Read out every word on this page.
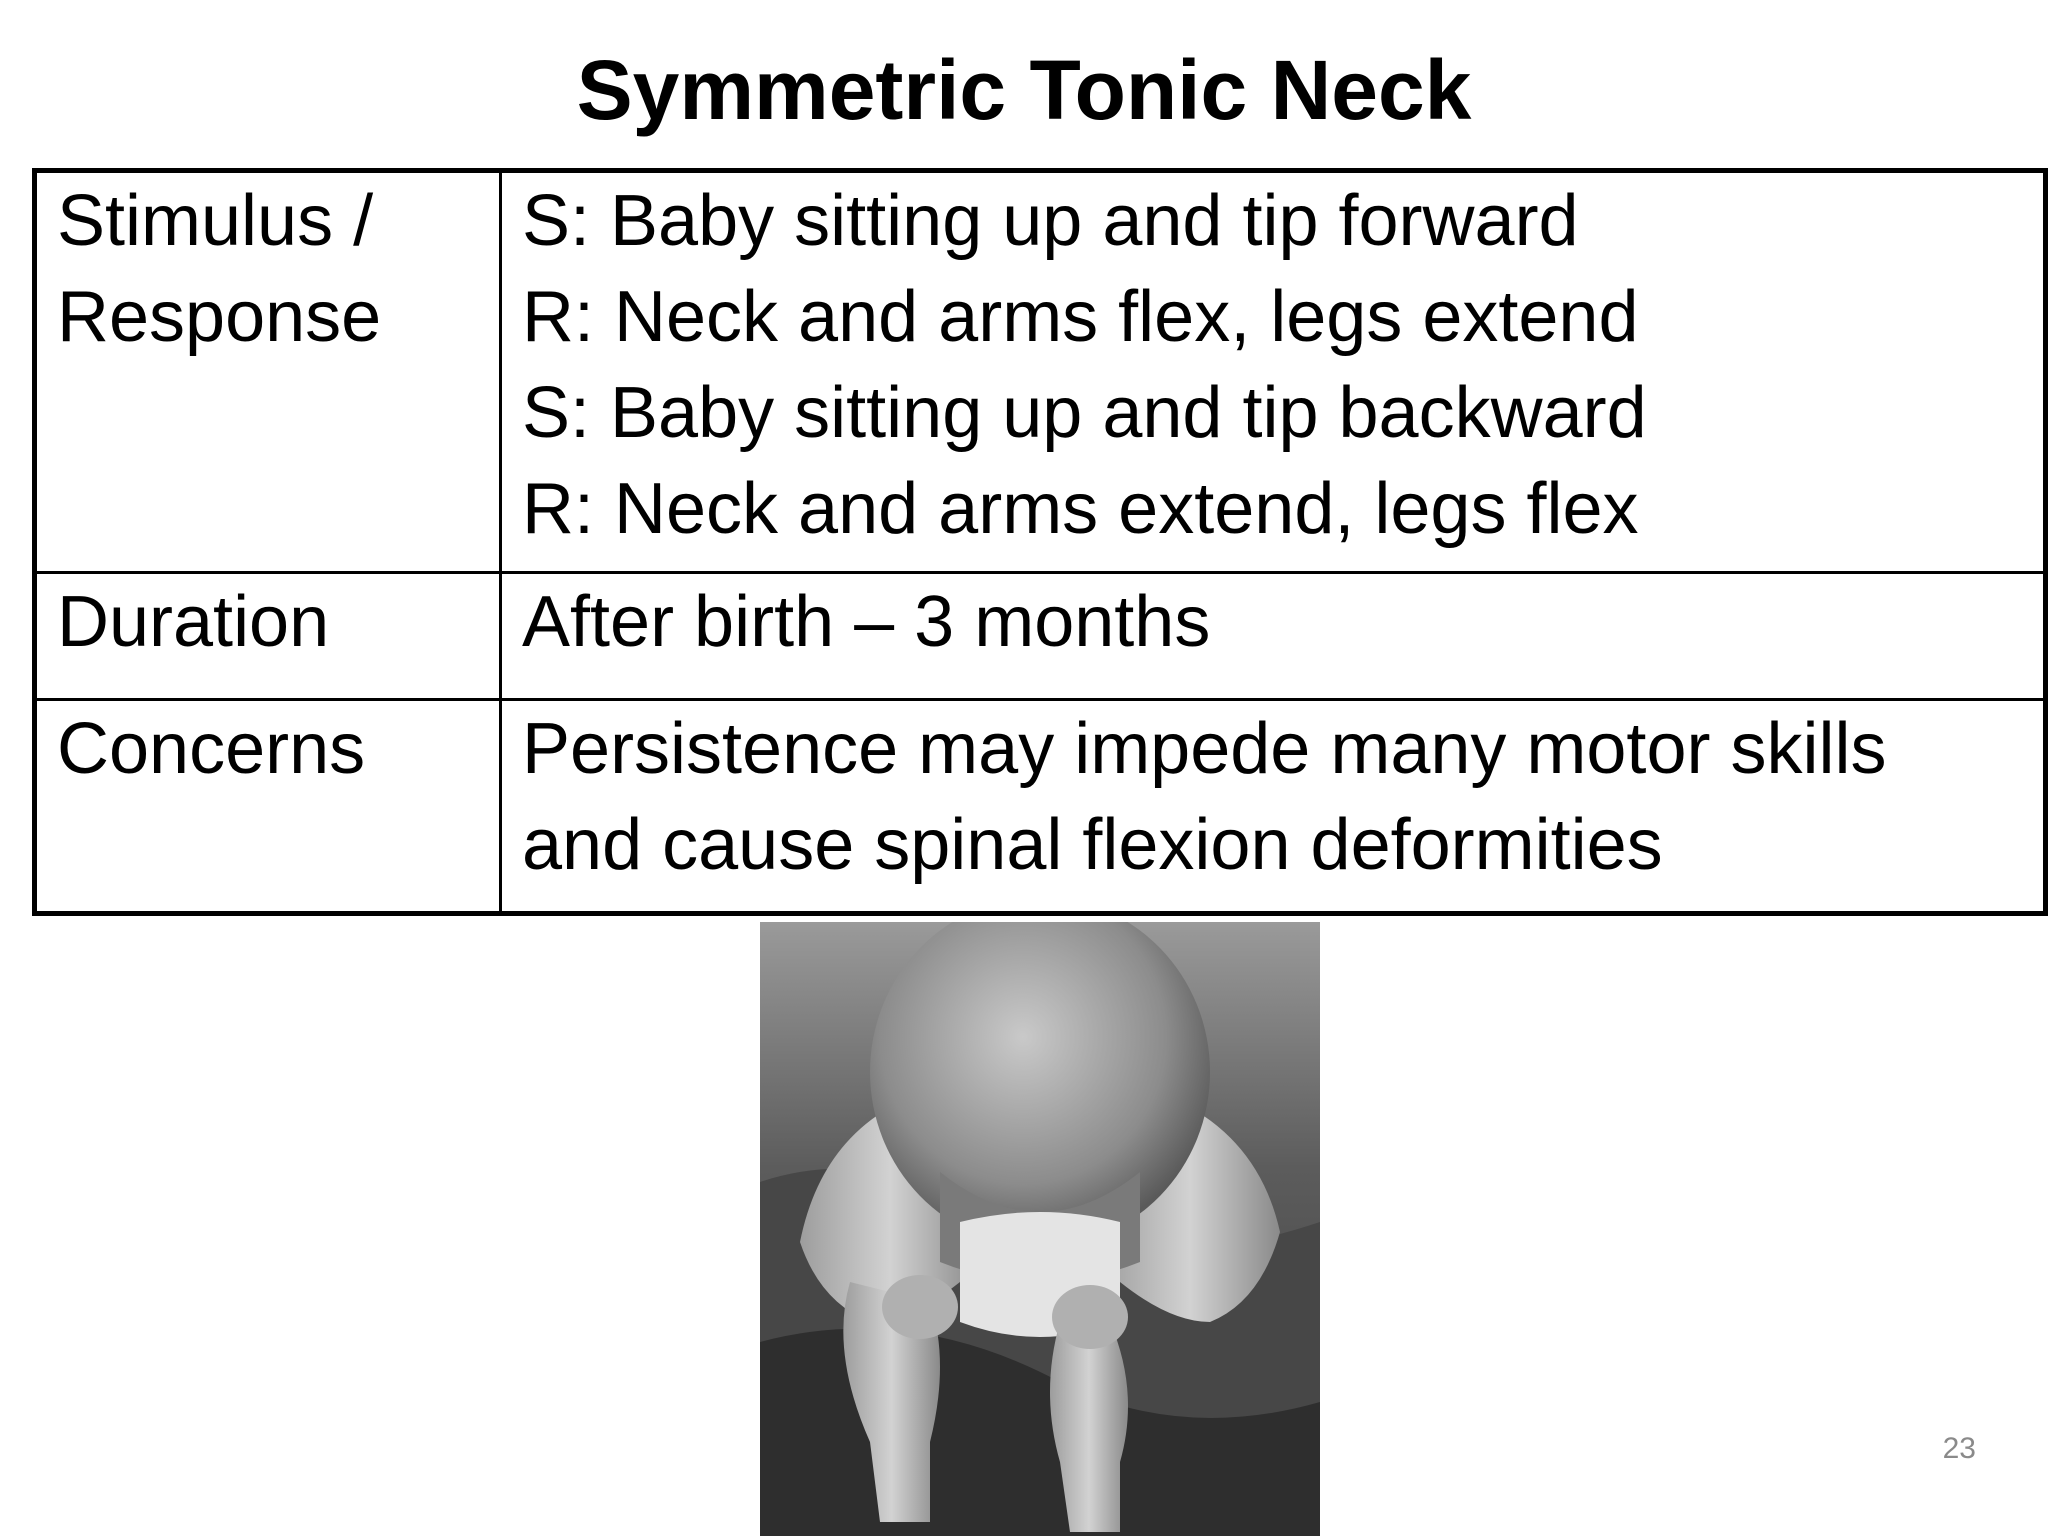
Symmetric Tonic Neck
Stimulus /
Response	S: Baby sitting up and tip forward
R: Neck and arms flex, legs extend
S: Baby sitting up and tip backward
R: Neck and arms extend, legs flex

Duration	After birth – 3 months

Concerns	Persistence may impede many motor skills
and cause spinal flexion deformities
23
